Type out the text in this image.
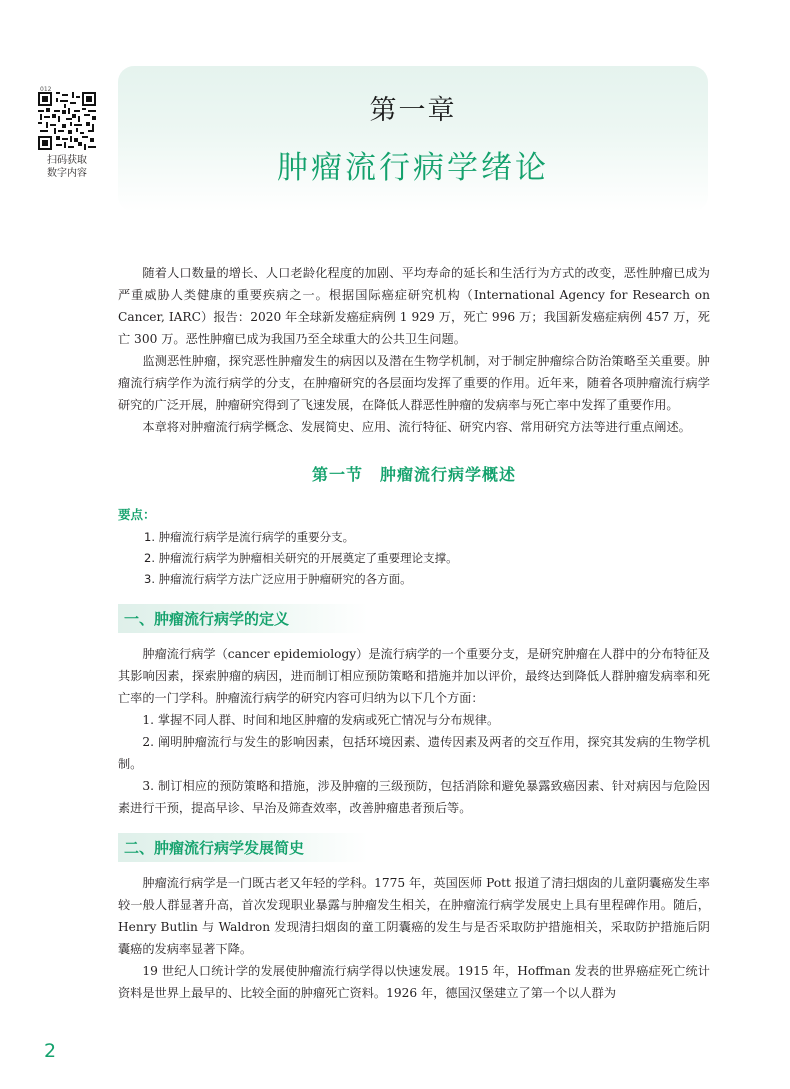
012
扫码获取
数字内容
第一章
肿瘤流行病学绪论

随着人口数量的增长、人口老龄化程度的加剧、平均寿命的延长和生活行为方式的改变，恶性肿瘤已成为严重威胁人类健康的重要疾病之一。根据国际癌症研究机构（International Agency for Research on Cancer, IARC）报告：2020 年全球新发癌症病例 1 929 万，死亡 996 万；我国新发癌症病例 457 万，死亡 300 万。恶性肿瘤已成为我国乃至全球重大的公共卫生问题。

监测恶性肿瘤，探究恶性肿瘤发生的病因以及潜在生物学机制，对于制定肿瘤综合防治策略至关重要。肿瘤流行病学作为流行病学的分支，在肿瘤研究的各层面均发挥了重要的作用。近年来，随着各项肿瘤流行病学研究的广泛开展，肿瘤研究得到了飞速发展，在降低人群恶性肿瘤的发病率与死亡率中发挥了重要作用。

本章将对肿瘤流行病学概念、发展简史、应用、流行特征、研究内容、常用研究方法等进行重点阐述。

第一节　肿瘤流行病学概述
要点：
1. 肿瘤流行病学是流行病学的重要分支。
2. 肿瘤流行病学为肿瘤相关研究的开展奠定了重要理论支撑。
3. 肿瘤流行病学方法广泛应用于肿瘤研究的各方面。
一、肿瘤流行病学的定义

肿瘤流行病学（cancer epidemiology）是流行病学的一个重要分支，是研究肿瘤在人群中的分布特征及其影响因素，探索肿瘤的病因，进而制订相应预防策略和措施并加以评价，最终达到降低人群肿瘤发病率和死亡率的一门学科。肿瘤流行病学的研究内容可归纳为以下几个方面：

1. 掌握不同人群、时间和地区肿瘤的发病或死亡情况与分布规律。

2. 阐明肿瘤流行与发生的影响因素，包括环境因素、遗传因素及两者的交互作用，探究其发病的生物学机制。

3. 制订相应的预防策略和措施，涉及肿瘤的三级预防，包括消除和避免暴露致癌因素、针对病因与危险因素进行干预，提高早诊、早治及筛查效率，改善肿瘤患者预后等。

二、肿瘤流行病学发展简史

肿瘤流行病学是一门既古老又年轻的学科。1775 年，英国医师 Pott 报道了清扫烟囱的儿童阴囊癌发生率较一般人群显著升高，首次发现职业暴露与肿瘤发生相关，在肿瘤流行病学发展史上具有里程碑作用。随后，Henry Butlin 与 Waldron 发现清扫烟囱的童工阴囊癌的发生与是否采取防护措施相关，采取防护措施后阴囊癌的发病率显著下降。

19 世纪人口统计学的发展使肿瘤流行病学得以快速发展。1915 年，Hoffman 发表的世界癌症死亡统计资料是世界上最早的、比较全面的肿瘤死亡资料。1926 年，德国汉堡建立了第一个以人群为

2
